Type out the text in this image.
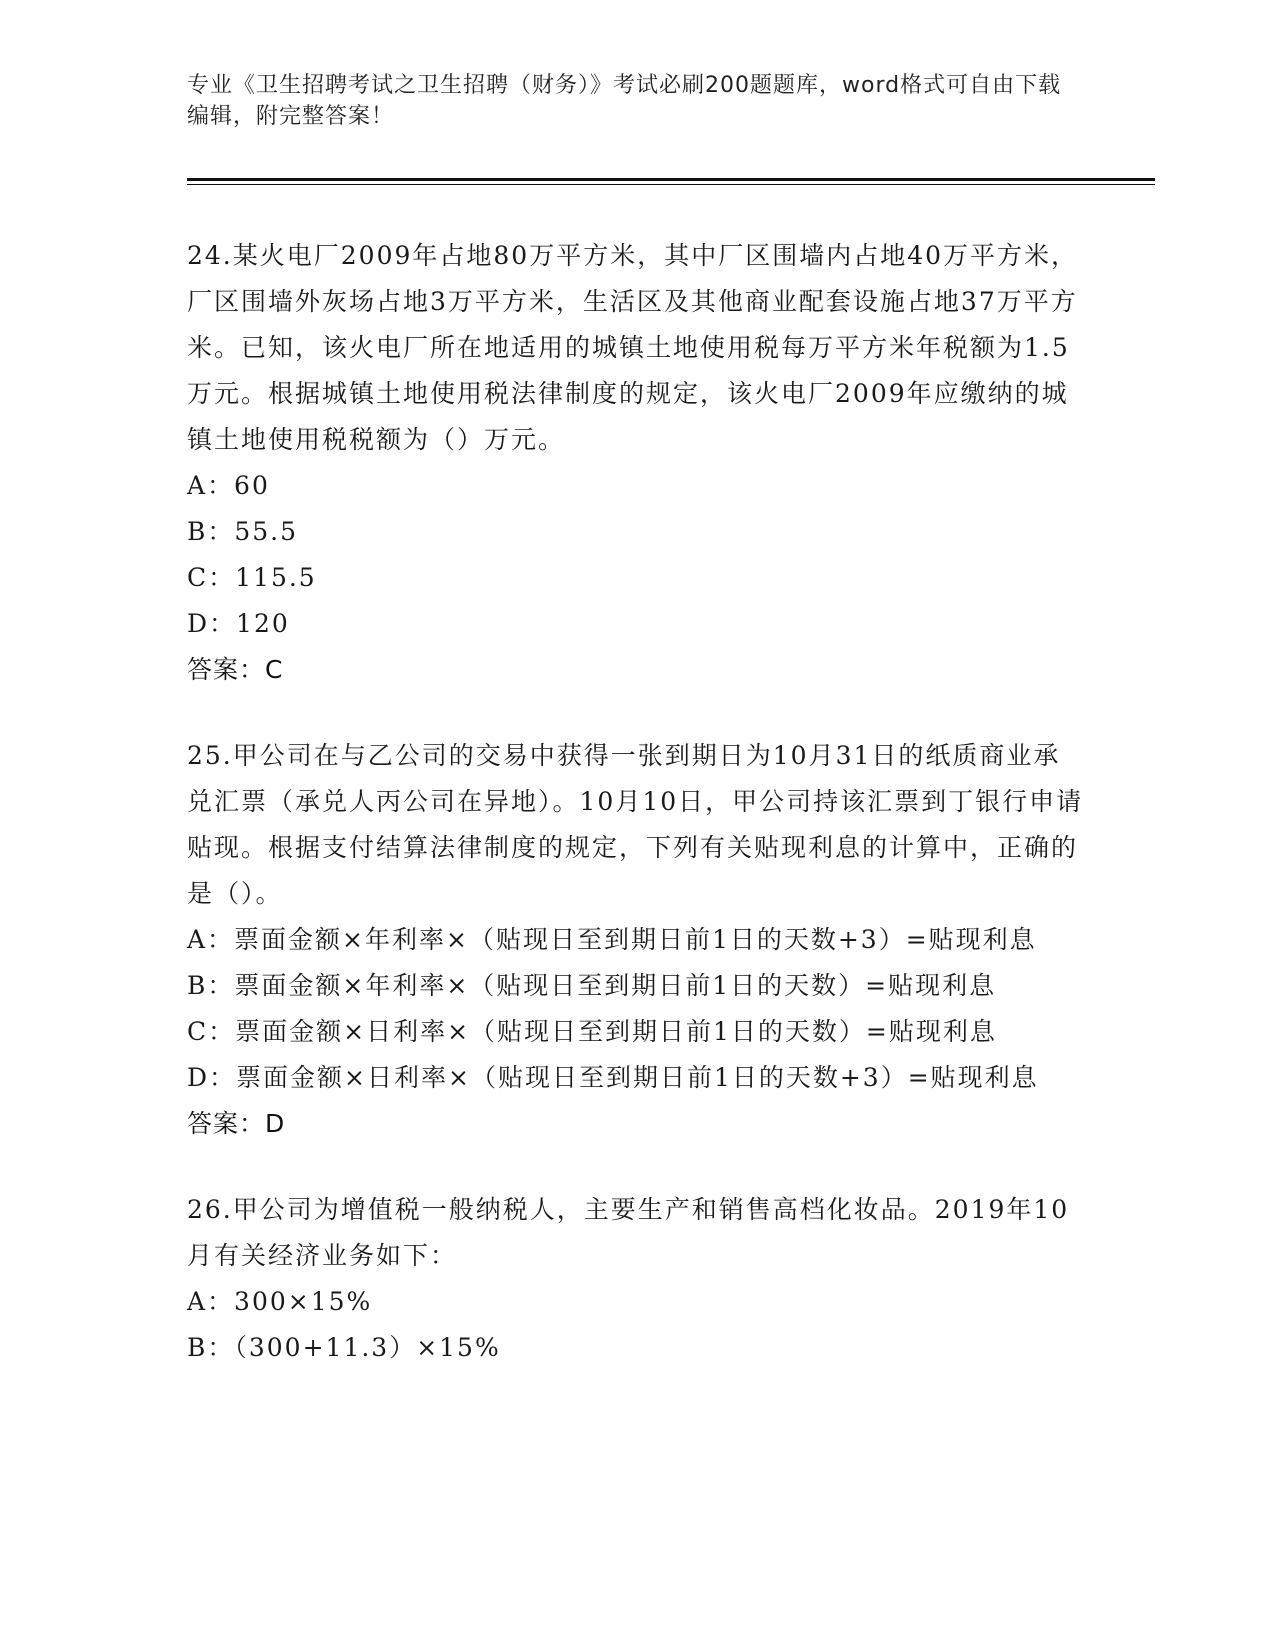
专业《卫生招聘考试之卫生招聘（财务）》考试必刷200题题库，word格式可自由下载编辑，附完整答案！
24.某火电厂2009年占地80万平方米，其中厂区围墙内占地40万平方米，厂区围墙外灰场占地3万平方米，生活区及其他商业配套设施占地37万平方米。已知，该火电厂所在地适用的城镇土地使用税每万平方米年税额为1.5万元。根据城镇土地使用税法律制度的规定，该火电厂2009年应缴纳的城镇土地使用税税额为（）万元。
A：60
B：55.5
C：115.5
D：120
答案：C
25.甲公司在与乙公司的交易中获得一张到期日为10月31日的纸质商业承兑汇票（承兑人丙公司在异地）。10月10日，甲公司持该汇票到丁银行申请贴现。根据支付结算法律制度的规定，下列有关贴现利息的计算中，正确的是（）。
A：票面金额×年利率×（贴现日至到期日前1日的天数+3）=贴现利息
B：票面金额×年利率×（贴现日至到期日前1日的天数）=贴现利息
C：票面金额×日利率×（贴现日至到期日前1日的天数）=贴现利息
D：票面金额×日利率×（贴现日至到期日前1日的天数+3）=贴现利息
答案：D
26.甲公司为增值税一般纳税人，主要生产和销售高档化妆品。2019年10月有关经济业务如下：
A：300×15%
B：（300+11.3）×15%
